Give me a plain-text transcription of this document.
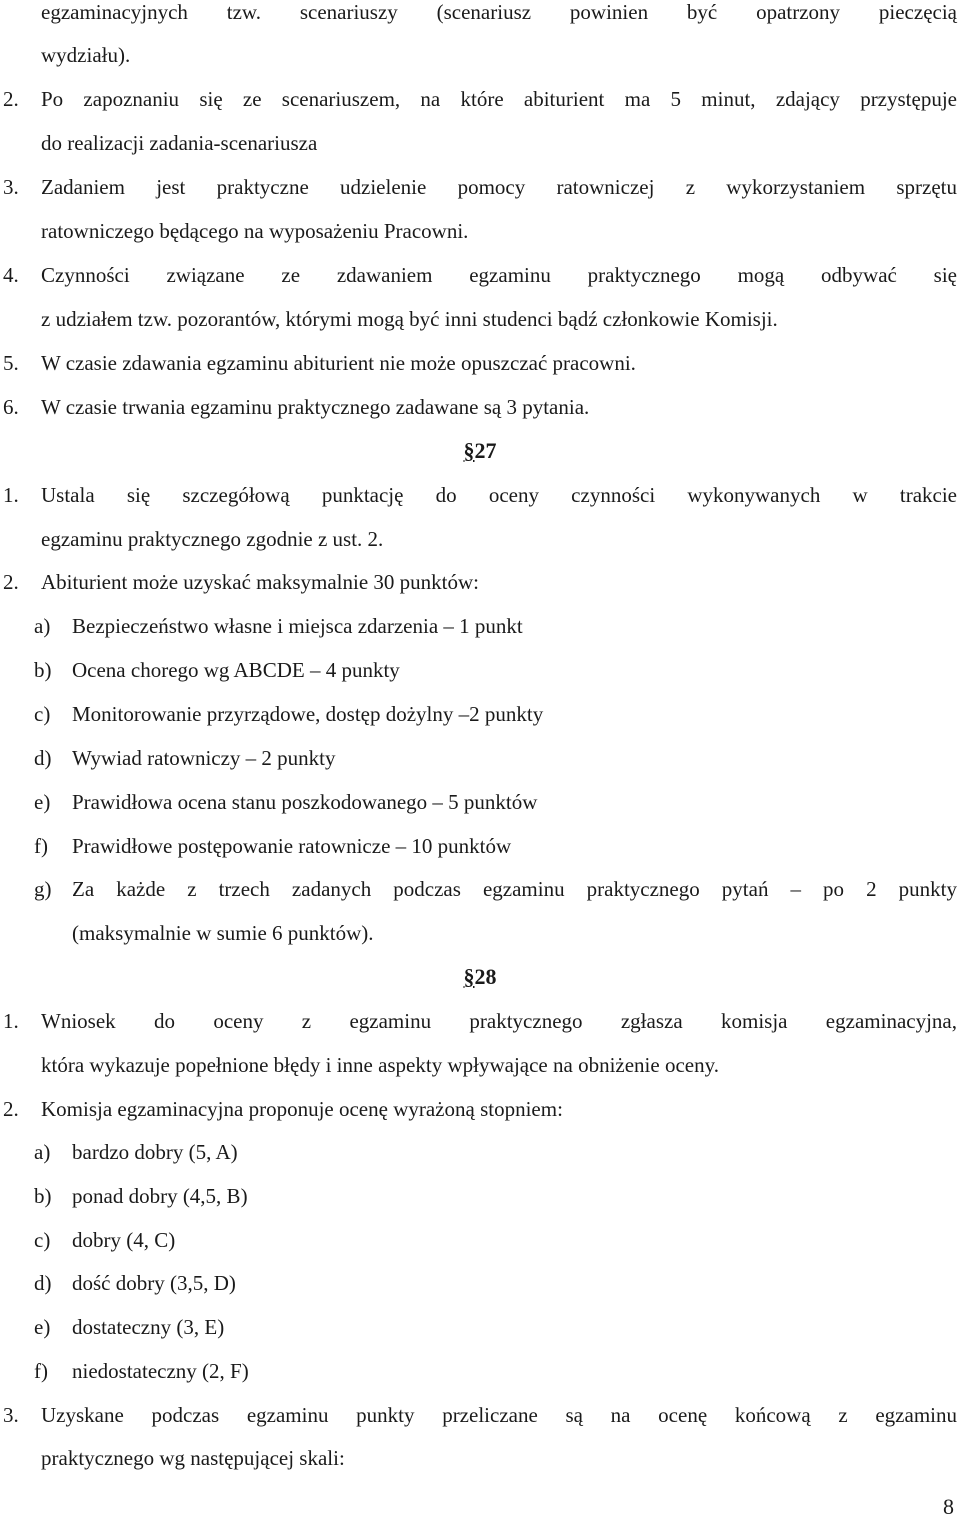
egzaminacyjnych tzw. scenariuszy (scenariusz powinien być opatrzony pieczęcią
wydziału).
2. Po zapoznaniu się ze scenariuszem, na które abiturient ma 5 minut, zdający przystępuje
do realizacji zadania-scenariusza
3. Zadaniem jest praktyczne udzielenie pomocy ratowniczej z wykorzystaniem sprzętu
ratowniczego będącego na wyposażeniu Pracowni.
4. Czynności związane ze zdawaniem egzaminu praktycznego mogą odbywać się
z udziałem tzw. pozorantów, którymi mogą być inni studenci bądź członkowie Komisji.
5. W czasie zdawania egzaminu abiturient nie może opuszczać pracowni.
6. W czasie trwania egzaminu praktycznego zadawane są 3 pytania.
§27
1. Ustala się szczegółową punktację do oceny czynności wykonywanych w trakcie
egzaminu praktycznego zgodnie z ust. 2.
2. Abiturient może uzyskać maksymalnie 30 punktów:
a) Bezpieczeństwo własne i miejsca zdarzenia – 1 punkt
b) Ocena chorego wg ABCDE – 4 punkty
c) Monitorowanie przyrządowe, dostęp dożylny –2 punkty
d) Wywiad ratowniczy – 2 punkty
e) Prawidłowa ocena stanu poszkodowanego – 5 punktów
f) Prawidłowe postępowanie ratownicze – 10 punktów
g) Za każde z trzech zadanych podczas egzaminu praktycznego pytań – po 2 punkty
(maksymalnie w sumie 6 punktów).
§28
1. Wniosek do oceny z egzaminu praktycznego zgłasza komisja egzaminacyjna,
która wykazuje popełnione błędy i inne aspekty wpływające na obniżenie oceny.
2. Komisja egzaminacyjna proponuje ocenę wyrażoną stopniem:
a) bardzo dobry (5, A)
b) ponad dobry (4,5, B)
c) dobry (4, C)
d) dość dobry (3,5, D)
e) dostateczny (3, E)
f) niedostateczny (2, F)
3. Uzyskane podczas egzaminu punkty przeliczane są na ocenę końcową z egzaminu
praktycznego wg następującej skali:
8
